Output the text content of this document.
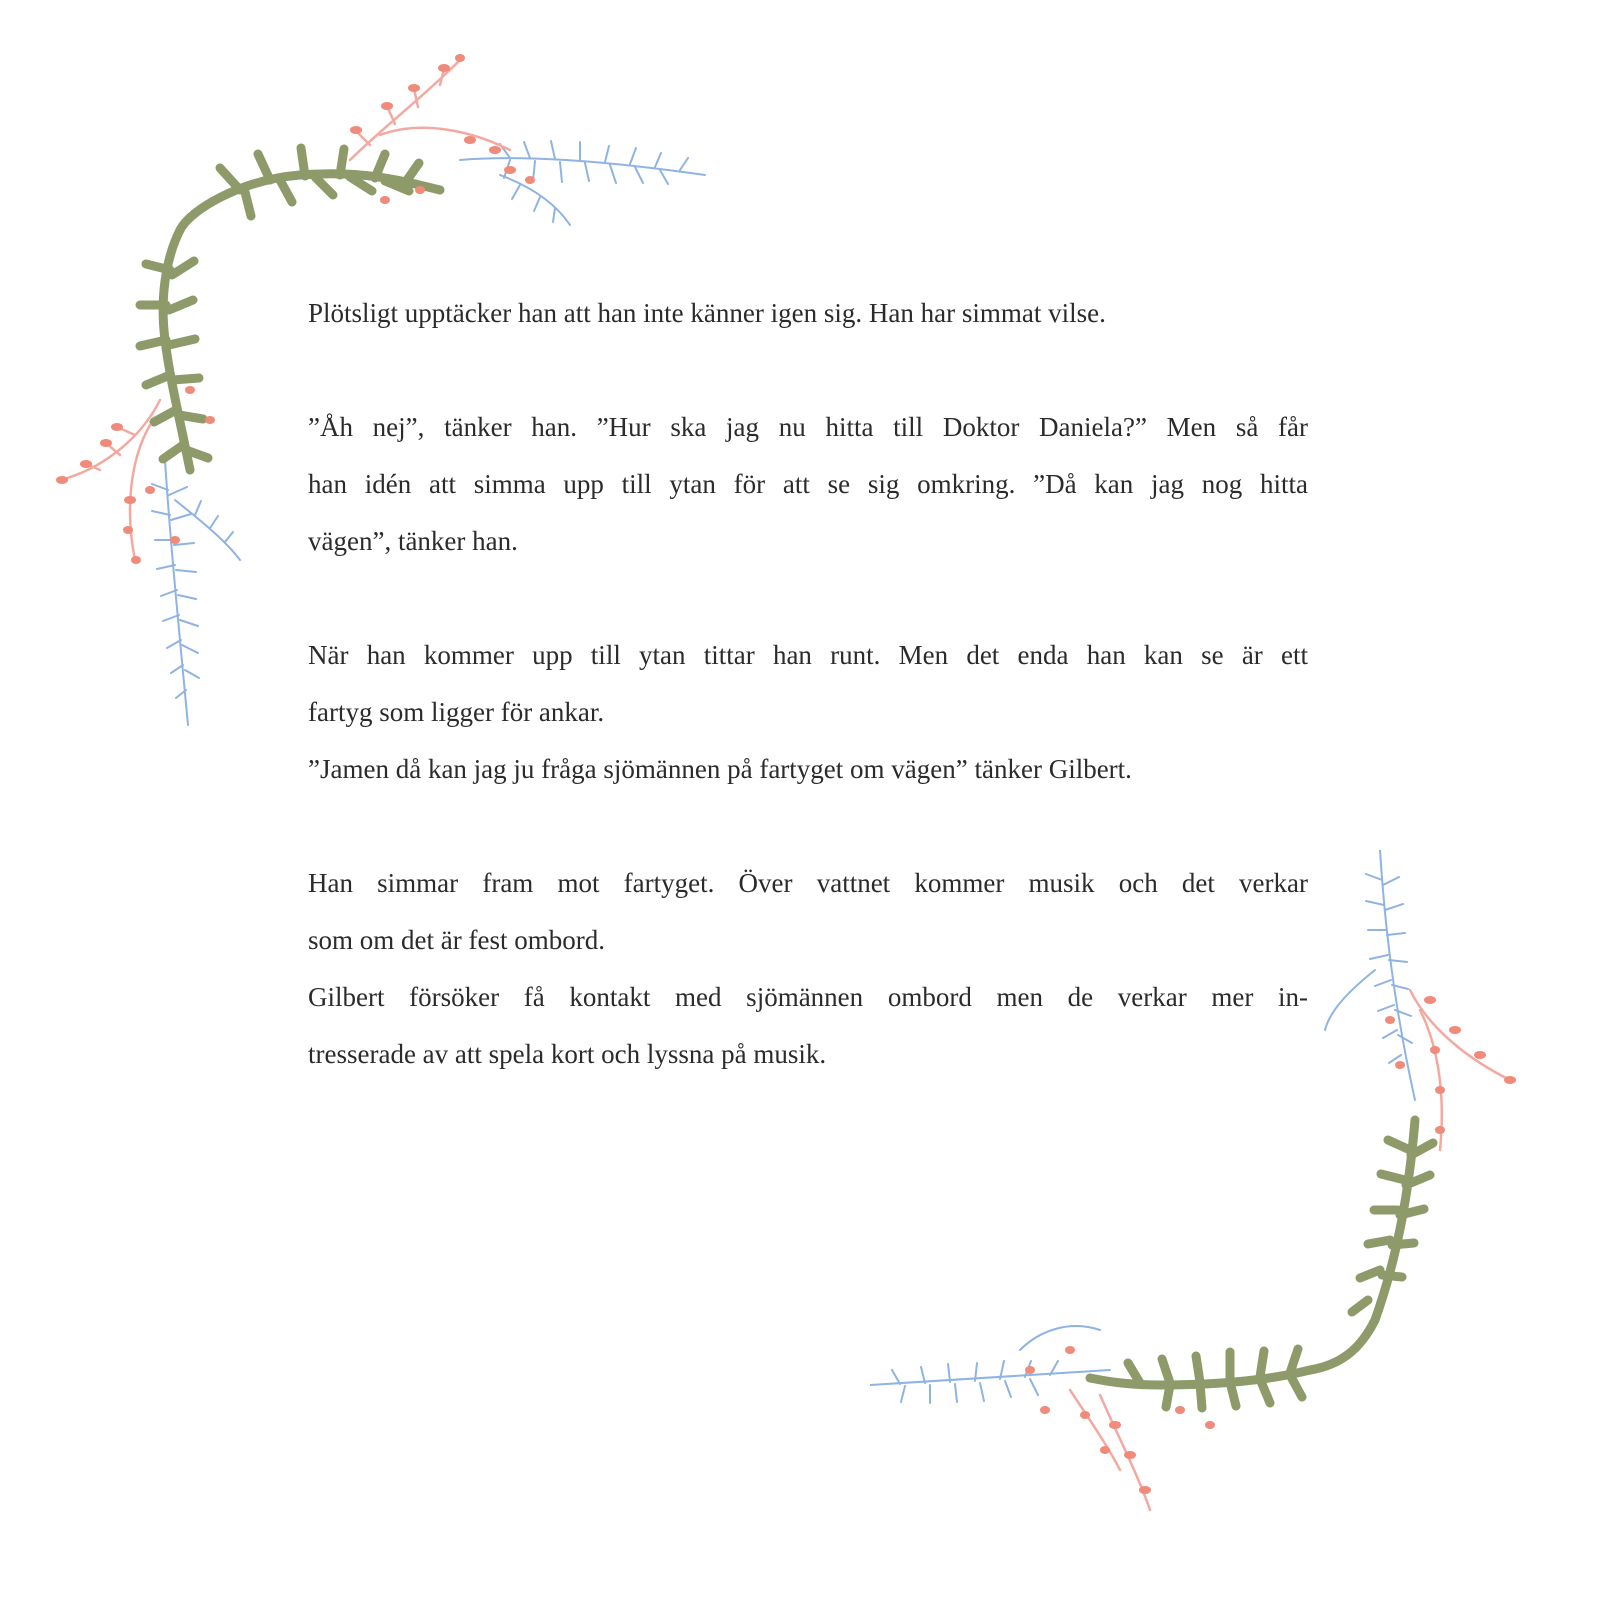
Plötsligt upptäcker han att han inte känner igen sig. Han har simmat vilse.
”Åh nej”, tänker han. ”Hur ska jag nu hitta till Doktor Daniela?” Men så får
han idén att simma upp till ytan för att se sig omkring. ”Då kan jag nog hitta
vägen”, tänker han.
När han kommer upp till ytan tittar han runt. Men det enda han kan se är ett
fartyg som ligger för ankar.
”Jamen då kan jag ju fråga sjömännen på fartyget om vägen” tänker Gilbert.
Han simmar fram mot fartyget. Över vattnet kommer musik och det verkar
som om det är fest ombord.
Gilbert försöker få kontakt med sjömännen ombord men de verkar mer in-
tresserade av att spela kort och lyssna på musik.
